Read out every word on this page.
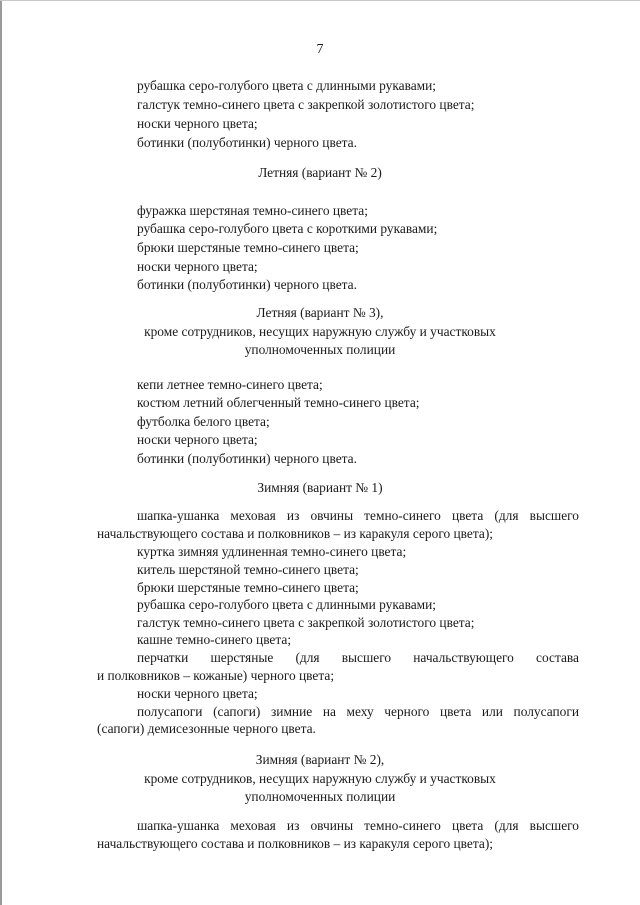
7
рубашка серо-голубого цвета с длинными рукавами;
галстук темно-синего цвета с закрепкой золотистого цвета;
носки черного цвета;
ботинки (полуботинки) черного цвета.
Летняя (вариант № 2)
фуражка шерстяная темно-синего цвета;
рубашка серо-голубого цвета с короткими рукавами;
брюки шерстяные темно-синего цвета;
носки черного цвета;
ботинки (полуботинки) черного цвета.
Летняя (вариант № 3),
кроме сотрудников, несущих наружную службу и участковых
уполномоченных полиции
кепи летнее темно-синего цвета;
костюм летний облегченный темно-синего цвета;
футболка белого цвета;
носки черного цвета;
ботинки (полуботинки) черного цвета.
Зимняя (вариант № 1)
шапка-ушанка меховая из овчины темно-синего цвета (для высшего
начальствующего состава и полковников – из каракуля серого цвета);
куртка зимняя удлиненная темно-синего цвета;
китель шерстяной темно-синего цвета;
брюки шерстяные темно-синего цвета;
рубашка серо-голубого цвета с длинными рукавами;
галстук темно-синего цвета с закрепкой золотистого цвета;
кашне темно-синего цвета;
перчатки шерстяные (для высшего начальствующего состава
и полковников – кожаные) черного цвета;
носки черного цвета;
полусапоги (сапоги) зимние на меху черного цвета или полусапоги
(сапоги) демисезонные черного цвета.
Зимняя (вариант № 2),
кроме сотрудников, несущих наружную службу и участковых
уполномоченных полиции
шапка-ушанка меховая из овчины темно-синего цвета (для высшего
начальствующего состава и полковников – из каракуля серого цвета);
